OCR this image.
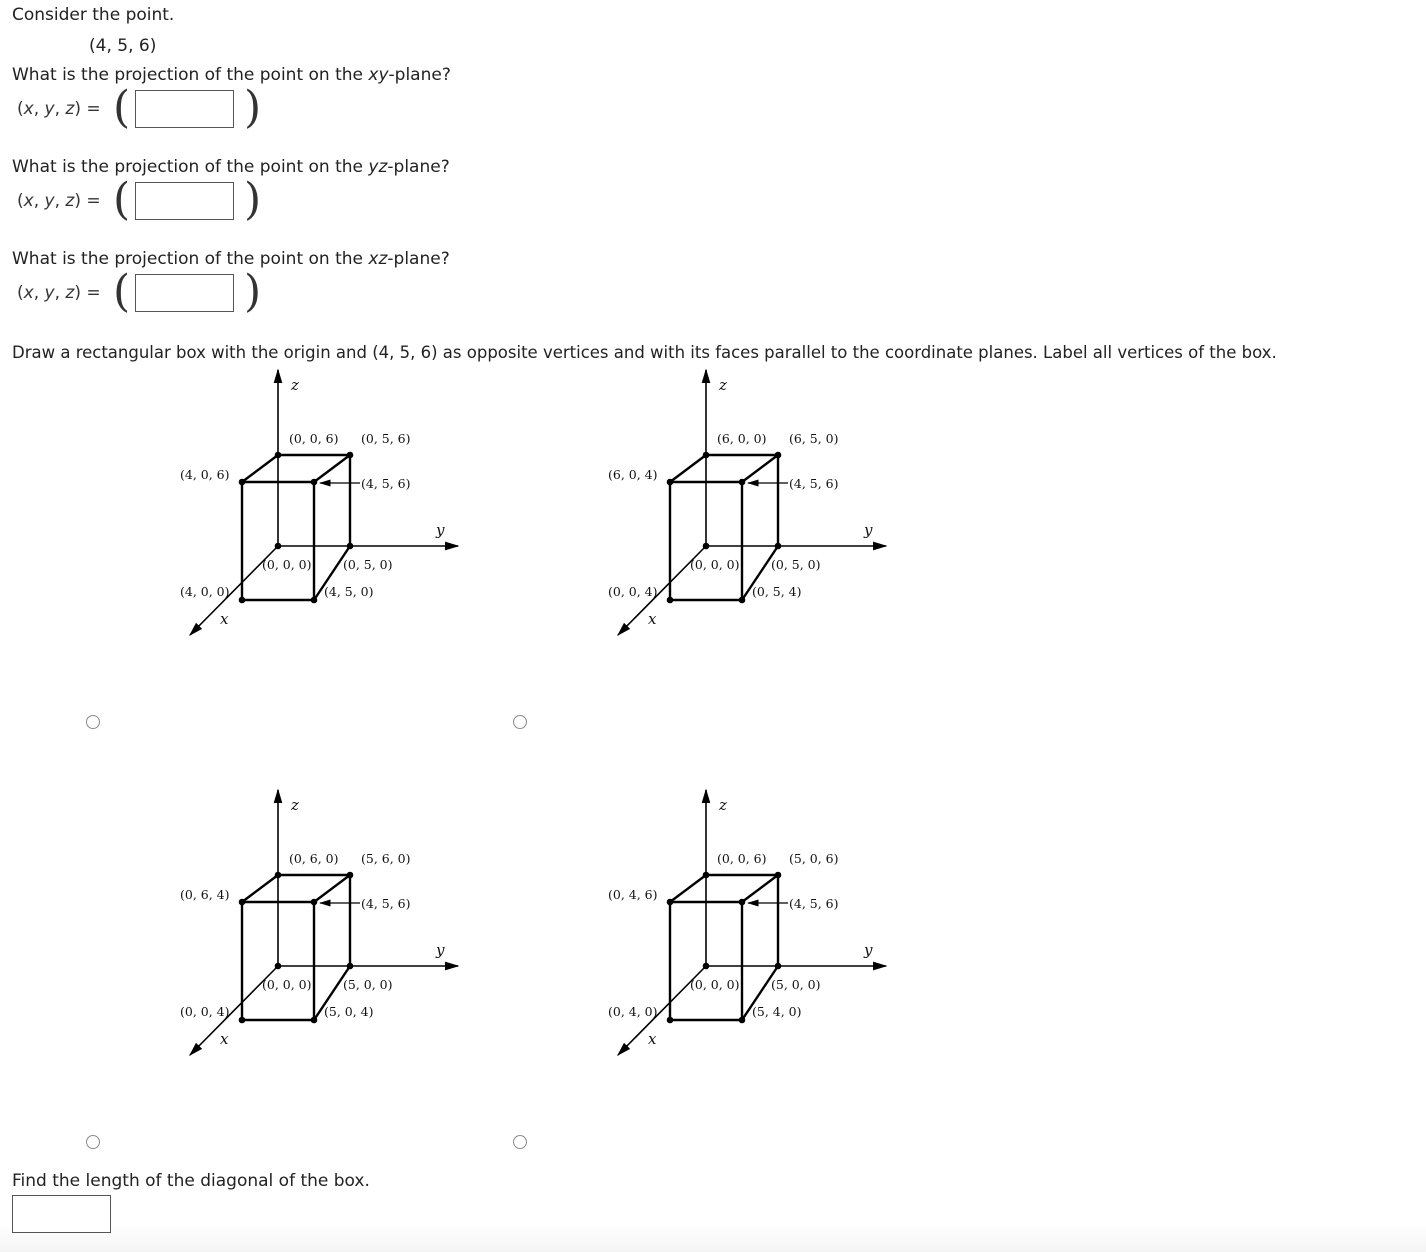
Consider the point.
(4, 5, 6)
What is the projection of the point on the xy-plane?
(x, y, z) = (	)
What is the projection of the point on the yz-plane?
(x, y, z) = (	)
What is the projection of the point on the xz-plane?
(x, y, z) = (	)
Draw a rectangular box with the origin and (4, 5, 6) as opposite vertices and with its faces parallel to the coordinate planes. Label all vertices of the box.
z
y
x
(0, 0, 6) (0, 5, 6)
(4, 0, 6)
(4, 5, 6)
(0, 0, 0)	(0, 5, 0)
(4, 0, 0)	(4, 5, 0)
z
y
x
(6, 0, 0) (6, 5, 0)
(6, 0, 4)
(4, 5, 6)
(0, 0, 0)	(0, 5, 0)
(0, 0, 4)	(0, 5, 4)
z
y
x
(0, 6, 0) (5, 6, 0)
(0, 6, 4)
(4, 5, 6)
(0, 0, 0)	(5, 0, 0)
(0, 0, 4)	(5, 0, 4)
z
y
x
(0, 0, 6) (5, 0, 6)
(0, 4, 6)
(4, 5, 6)
(0, 0, 0)	(5, 0, 0)
(0, 4, 0)	(5, 4, 0)
Find the length of the diagonal of the box.
